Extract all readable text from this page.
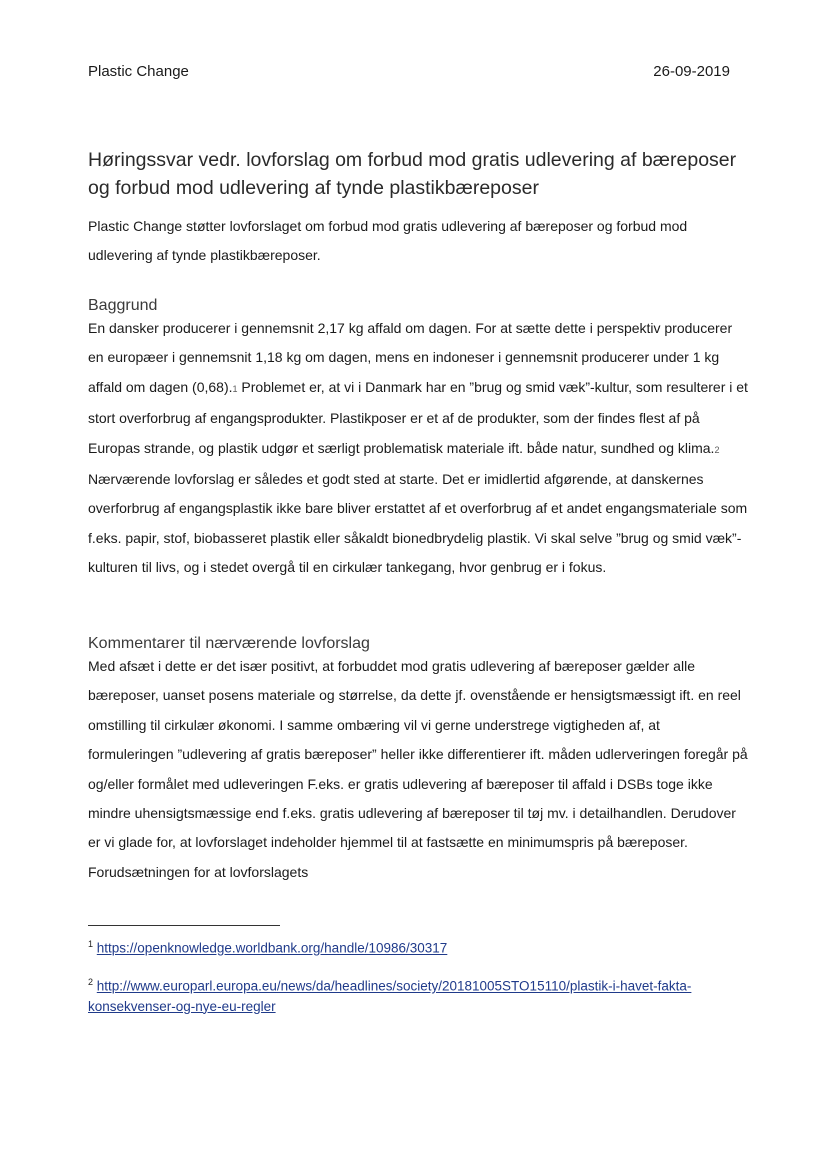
Plastic Change	26-09-2019
Høringssvar vedr. lovforslag om forbud mod gratis udlevering af bæreposer og forbud mod udlevering af tynde plastikbæreposer

Plastic Change støtter lovforslaget om forbud mod gratis udlevering af bæreposer og forbud mod udlevering af tynde plastikbæreposer.

Baggrund

En dansker producerer i gennemsnit 2,17 kg affald om dagen. For at sætte dette i perspektiv producerer en europæer i gennemsnit 1,18 kg om dagen, mens en indoneser i gennemsnit producerer under 1 kg affald om dagen (0,68).1 Problemet er, at vi i Danmark har en ”brug og smid væk”-kultur, som resulterer i et stort overforbrug af engangsprodukter. Plastikposer er et af de produkter, som der findes flest af på Europas strande, og plastik udgør et særligt problematisk materiale ift. både natur, sundhed og klima.2 Nærværende lovforslag er således et godt sted at starte. Det er imidlertid afgørende, at danskernes overforbrug af engangsplastik ikke bare bliver erstattet af et overforbrug af et andet engangsmateriale som f.eks. papir, stof, biobasseret plastik eller såkaldt bionedbrydelig plastik. Vi skal selve ”brug og smid væk”-kulturen til livs, og i stedet overgå til en cirkulær tankegang, hvor genbrug er i fokus.

Kommentarer til nærværende lovforslag

Med afsæt i dette er det især positivt, at forbuddet mod gratis udlevering af bæreposer gælder alle bæreposer, uanset posens materiale og størrelse, da dette jf. ovenstående er hensigtsmæssigt ift. en reel omstilling til cirkulær økonomi. I samme ombæring vil vi gerne understrege vigtigheden af, at formuleringen ”udlevering af gratis bæreposer” heller ikke differentierer ift. måden udlerveringen foregår på og/eller formålet med udleveringen F.eks. er gratis udlevering af bæreposer til affald i DSBs toge ikke mindre uhensigtsmæssige end f.eks. gratis udlevering af bæreposer til tøj mv. i detailhandlen. Derudover er vi glade for, at lovforslaget indeholder hjemmel til at fastsætte en minimumspris på bæreposer. Forudsætningen for at lovforslagets

$^1$ https://openknowledge.worldbank.org/handle/10986/30317
$^2$ http://www.europarl.europa.eu/news/da/headlines/society/20181005STO15110/plastik-i-havet-fakta-konsekvenser-og-nye-eu-regler
